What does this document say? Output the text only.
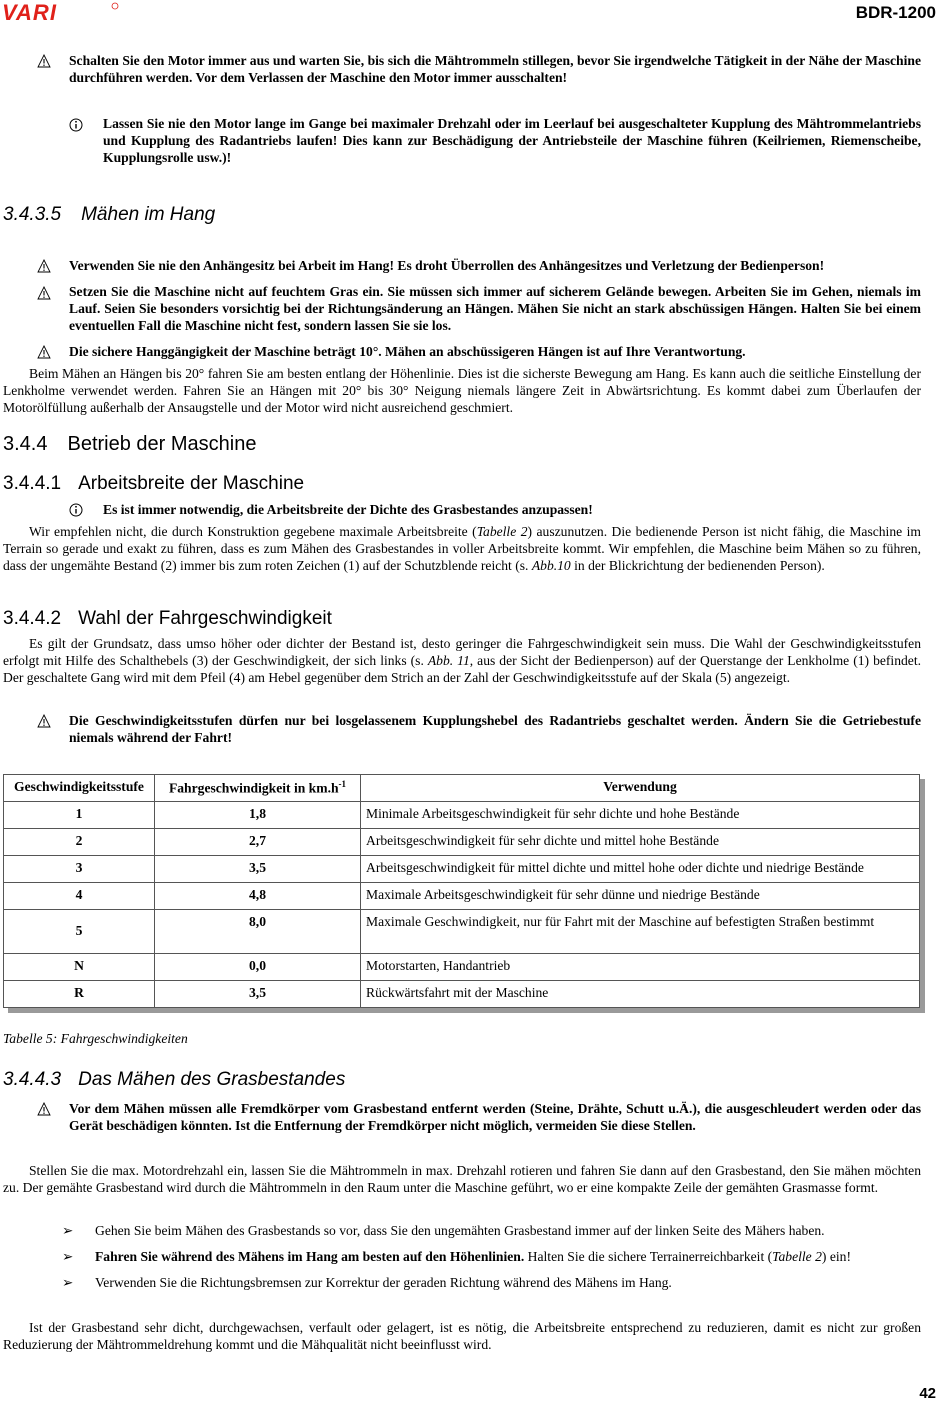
VARI	BDR-1200
Schalten Sie den Motor immer aus und warten Sie, bis sich die Mähtrommeln stillegen, bevor Sie irgendwelche Tätigkeit in der Nähe der Maschine durchführen werden. Vor dem Verlassen der Maschine den Motor immer ausschalten!
Lassen Sie nie den Motor lange im Gange bei maximaler Drehzahl oder im Leerlauf bei ausgeschalteter Kupplung des Mähtrommelantriebs und Kupplung des Radantriebs laufen! Dies kann zur Beschädigung der Antriebsteile der Maschine führen (Keilriemen, Riemenscheibe, Kupplungsrolle usw.)!
3.4.3.5 Mähen im Hang
Verwenden Sie nie den Anhängesitz bei Arbeit im Hang! Es droht Überrollen des Anhängesitzes und Verletzung der Bedienperson!
Setzen Sie die Maschine nicht auf feuchtem Gras ein. Sie müssen sich immer auf sicherem Gelände bewegen. Arbeiten Sie im Gehen, niemals im Lauf. Seien Sie besonders vorsichtig bei der Richtungsänderung an Hängen. Mähen Sie nicht an stark abschüssigen Hängen. Halten Sie bei einem eventuellen Fall die Maschine nicht fest, sondern lassen Sie sie los.
Die sichere Hanggängigkeit der Maschine beträgt 10°. Mähen an abschüssigeren Hängen ist auf Ihre Verantwortung.
Beim Mähen an Hängen bis 20° fahren Sie am besten entlang der Höhenlinie. Dies ist die sicherste Bewegung am Hang. Es kann auch die seitliche Einstellung der Lenkholme verwendet werden. Fahren Sie an Hängen mit 20° bis 30° Neigung niemals längere Zeit in Abwärtsrichtung. Es kommt dabei zum Überlaufen der Motorölfüllung außerhalb der Ansaugstelle und der Motor wird nicht ausreichend geschmiert.
3.4.4 Betrieb der Maschine
3.4.4.1 Arbeitsbreite der Maschine
Es ist immer notwendig, die Arbeitsbreite der Dichte des Grasbestandes anzupassen!
Wir empfehlen nicht, die durch Konstruktion gegebene maximale Arbeitsbreite (Tabelle 2) auszunutzen. Die bedienende Person ist nicht fähig, die Maschine im Terrain so gerade und exakt zu führen, dass es zum Mähen des Grasbestandes in voller Arbeitsbreite kommt. Wir empfehlen, die Maschine beim Mähen so zu führen, dass der ungemähte Bestand (2) immer bis zum roten Zeichen (1) auf der Schutzblende reicht (s. Abb.10 in der Blickrichtung der bedienenden Person).
3.4.4.2 Wahl der Fahrgeschwindigkeit
Es gilt der Grundsatz, dass umso höher oder dichter der Bestand ist, desto geringer die Fahrgeschwindigkeit sein muss. Die Wahl der Geschwindigkeitsstufen erfolgt mit Hilfe des Schalthebels (3) der Geschwindigkeit, der sich links (s. Abb. 11, aus der Sicht der Bedienperson) auf der Querstange der Lenkholme (1) befindet. Der geschaltete Gang wird mit dem Pfeil (4) am Hebel gegenüber dem Strich an der Zahl der Geschwindigkeitsstufe auf der Skala (5) angezeigt.
Die Geschwindigkeitsstufen dürfen nur bei losgelassenem Kupplungshebel des Radantriebs geschaltet werden. Ändern Sie die Getriebestufe niemals während der Fahrt!
Geschwindigkeitsstufe	Fahrgeschwindigkeit in $km.h^{-1}$	Verwendung
1	1,8	Minimale Arbeitsgeschwindigkeit für sehr dichte und hohe Bestände
2	2,7	Arbeitsgeschwindigkeit für sehr dichte und mittel hohe Bestände
3	3,5	Arbeitsgeschwindigkeit für mittel dichte und mittel hohe oder dichte und niedrige Bestände
4	4,8	Maximale Arbeitsgeschwindigkeit für sehr dünne und niedrige Bestände
5	8,0	Maximale Geschwindigkeit, nur für Fahrt mit der Maschine auf befestigten Straßen bestimmt
N	0,0	Motorstarten, Handantrieb
R	3,5	Rückwärtsfahrt mit der Maschine
Tabelle 5: Fahrgeschwindigkeiten
3.4.4.3 Das Mähen des Grasbestandes
Vor dem Mähen müssen alle Fremdkörper vom Grasbestand entfernt werden (Steine, Drähte, Schutt u.Ä.), die ausgeschleudert werden oder das Gerät beschädigen könnten. Ist die Entfernung der Fremdkörper nicht möglich, vermeiden Sie diese Stellen.
Stellen Sie die max. Motordrehzahl ein, lassen Sie die Mähtrommeln in max. Drehzahl rotieren und fahren Sie dann auf den Grasbestand, den Sie mähen möchten zu. Der gemähte Grasbestand wird durch die Mähtrommeln in den Raum unter die Maschine geführt, wo er eine kompakte Zeile der gemähten Grasmasse formt.
➢ Gehen Sie beim Mähen des Grasbestands so vor, dass Sie den ungemähten Grasbestand immer auf der linken Seite des Mähers haben.
➢ Fahren Sie während des Mähens im Hang am besten auf den Höhenlinien. Halten Sie die sichere Terrainerreichbarkeit (Tabelle 2) ein!
➢ Verwenden Sie die Richtungsbremsen zur Korrektur der geraden Richtung während des Mähens im Hang.
Ist der Grasbestand sehr dicht, durchgewachsen, verfault oder gelagert, ist es nötig, die Arbeitsbreite entsprechend zu reduzieren, damit es nicht zur großen Reduzierung der Mähtrommeldrehung kommt und die Mähqualität nicht beeinflusst wird.
42
